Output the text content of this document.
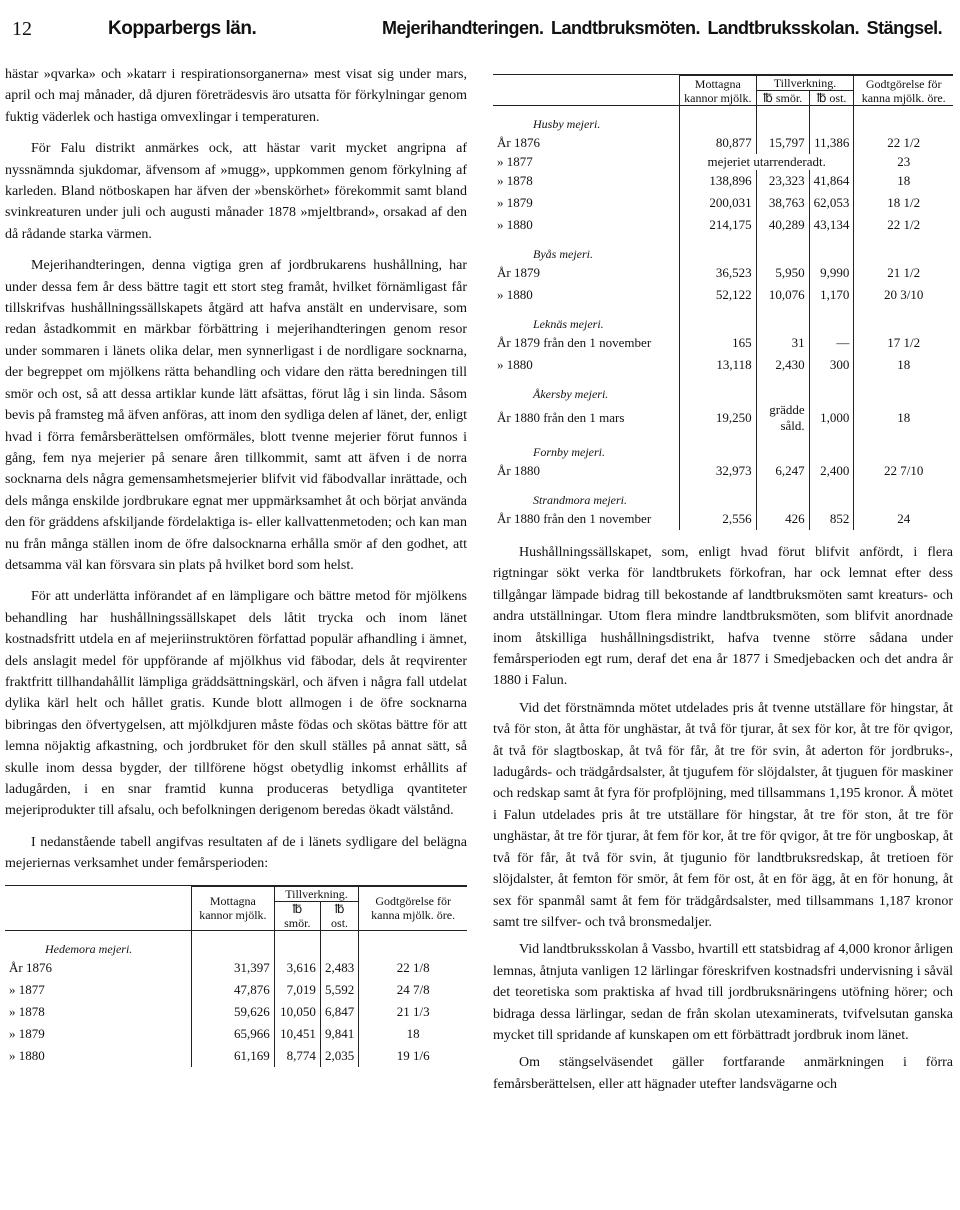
12	Kopparbergs län.	Mejerihandteringen. Landtbruksmöten. Landtbruksskolan. Stängsel.

hästar »qvarka» och »katarr i respirationsorganerna» mest visat sig under mars, april och maj månader, då djuren företrädesvis äro utsatta för förkylningar genom fuktig väderlek och hastiga omvexlingar i temperaturen.

För Falu distrikt anmärkes ock, att hästar varit mycket angripna af nyssnämnda sjukdomar, äfvensom af »mugg», uppkommen genom förkylning af karleden. Bland nötboskapen har äfven der »benskörhet» förekommit samt bland svinkreaturen under juli och augusti månader 1878 »mjeltbrand», orsakad af den då rådande starka värmen.

Mejerihandteringen, denna vigtiga gren af jordbrukarens hushållning, har under dessa fem år dess bättre tagit ett stort steg framåt, hvilket förnämligast får tillskrifvas hushållningssällskapets åtgärd att hafva anstält en undervisare, som redan åstadkommit en märkbar förbättring i mejerihandteringen genom resor under sommaren i länets olika delar, men synnerligast i de nordligare socknarna, der begreppet om mjölkens rätta behandling och vidare den rätta beredningen till smör och ost, så att dessa artiklar kunde lätt afsättas, förut låg i sin linda. Såsom bevis på framsteg må äfven anföras, att inom den sydliga delen af länet, der, enligt hvad i förra femårsberättelsen omförmäles, blott tvenne mejerier förut funnos i gång, fem nya mejerier på senare åren tillkommit, samt att äfven i de norra socknarna dels några gemensamhetsmejerier blifvit vid fäbodvallar inrättade, och dels många enskilde jordbrukare egnat mer uppmärksamhet åt och börjat använda den för gräddens afskiljande fördelaktiga is- eller kallvattenmetoden; och kan man nu från många ställen inom de öfre dalsocknarna erhålla smör af den godhet, att detsamma väl kan försvara sin plats på hvilket bord som helst.

För att underlätta införandet af en lämpligare och bättre metod för mjölkens behandling har hushållningssällskapet dels låtit trycka och inom länet kostnadsfritt utdela en af mejeriinstruktören författad populär afhandling i ämnet, dels anslagit medel för uppförande af mjölkhus vid fäbodar, dels åt reqvirenter fraktfritt tillhandahållit lämpliga gräddsättningskärl, och äfven i några fall utdelat dylika kärl helt och hållet gratis. Kunde blott allmogen i de öfre socknarna bibringas den öfvertygelsen, att mjölkdjuren måste födas och skötas bättre för att lemna nöjaktig afkastning, och jordbruket för den skull ställes på annat sätt, så skulle inom dessa bygder, der tillförene högst obetydlig inkomst erhållits af ladugården, i en snar framtid kunna produceras betydliga qvantiteter mejeriprodukter till afsalu, och befolkningen derigenom beredas ökadt välstånd.

I nedanstående tabell angifvas resultaten af de i länets sydligare del belägna mejeriernas verksamhet under femårsperioden:

	Mottagna kannor mjölk.	Tillverkning.		Godtgörelse för kanna mjölk. öre.
		℔ smör.	℔ ost.	
Hedemora mejeri.				
År 1876	31,397	3,616	2,483	22 1/8
» 1877	47,876	7,019	5,592	24 7/8
» 1878	59,626	10,050	6,847	21 1/3
» 1879	65,966	10,451	9,841	18
» 1880	61,169	8,774	2,035	19 1/6
	Mottagna kannor mjölk.	Tillverkning.		Godtgörelse för kanna mjölk. öre.
		℔ smör.	℔ ost.	
Husby mejeri.				
År 1876	80,877	15,797	11,386	22 1/2
» 1877	mejeriet utarrenderadt.			23
» 1878	138,896	23,323	41,864	18
» 1879	200,031	38,763	62,053	18 1/2
» 1880	214,175	40,289	43,134	22 1/2
Byås mejeri.				
År 1879	36,523	5,950	9,990	21 1/2
» 1880	52,122	10,076	1,170	20 3/10
Leknäs mejeri.				
År 1879 från den 1 november	165	31	—	17 1/2
» 1880	13,118	2,430	300	18
Åkersby mejeri.				
År 1880 från den 1 mars	19,250	grädde såld.	1,000	18
Fornby mejeri.				
År 1880	32,973	6,247	2,400	22 7/10
Strandmora mejeri.				
År 1880 från den 1 november	2,556	426	852	24

Hushållningssällskapet, som, enligt hvad förut blifvit anfördt, i flera rigtningar sökt verka för landtbrukets förkofran, har ock lemnat efter dess tillgångar lämpade bidrag till bekostande af landtbruksmöten samt kreaturs- och andra utställningar. Utom flera mindre landtbruksmöten, som blifvit anordnade inom åtskilliga hushållningsdistrikt, hafva tvenne större sådana under femårsperioden egt rum, deraf det ena år 1877 i Smedjebacken och det andra år 1880 i Falun.

Vid det förstnämnda mötet utdelades pris åt tvenne utställare för hingstar, åt två för ston, åt åtta för unghästar, åt två för tjurar, åt sex för kor, åt tre för qvigor, åt två för slagtboskap, åt två för får, åt tre för svin, åt aderton för jordbruks-, ladugårds- och trädgårdsalster, åt tjugufem för slöjdalster, åt tjuguen för maskiner och redskap samt åt fyra för profplöjning, med tillsammans 1,195 kronor. Å mötet i Falun utdelades pris åt tre utställare för hingstar, åt tre för ston, åt tre för unghästar, åt tre för tjurar, åt fem för kor, åt tre för qvigor, åt tre för ungboskap, åt två för får, åt två för svin, åt tjugunio för landtbruksredskap, åt tretioen för slöjdalster, åt femton för smör, åt fem för ost, åt en för ägg, åt en för honung, åt sex för spanmål samt åt fem för trädgårdsalster, med tillsammans 1,187 kronor samt tre silfver- och två bronsmedaljer.

Vid landtbruksskolan å Vassbo, hvartill ett statsbidrag af 4,000 kronor årligen lemnas, åtnjuta vanligen 12 lärlingar föreskrifven kostnadsfri undervisning i såväl det teoretiska som praktiska af hvad till jordbruksnäringens utöfning hörer; och bidraga dessa lärlingar, sedan de från skolan utexaminerats, tvifvelsutan ganska mycket till spridande af kunskapen om ett förbättradt jordbruk inom länet.

Om stängselväsendet gäller fortfarande anmärkningen i förra femårsberättelsen, eller att hägnader utefter landsvägarne och
